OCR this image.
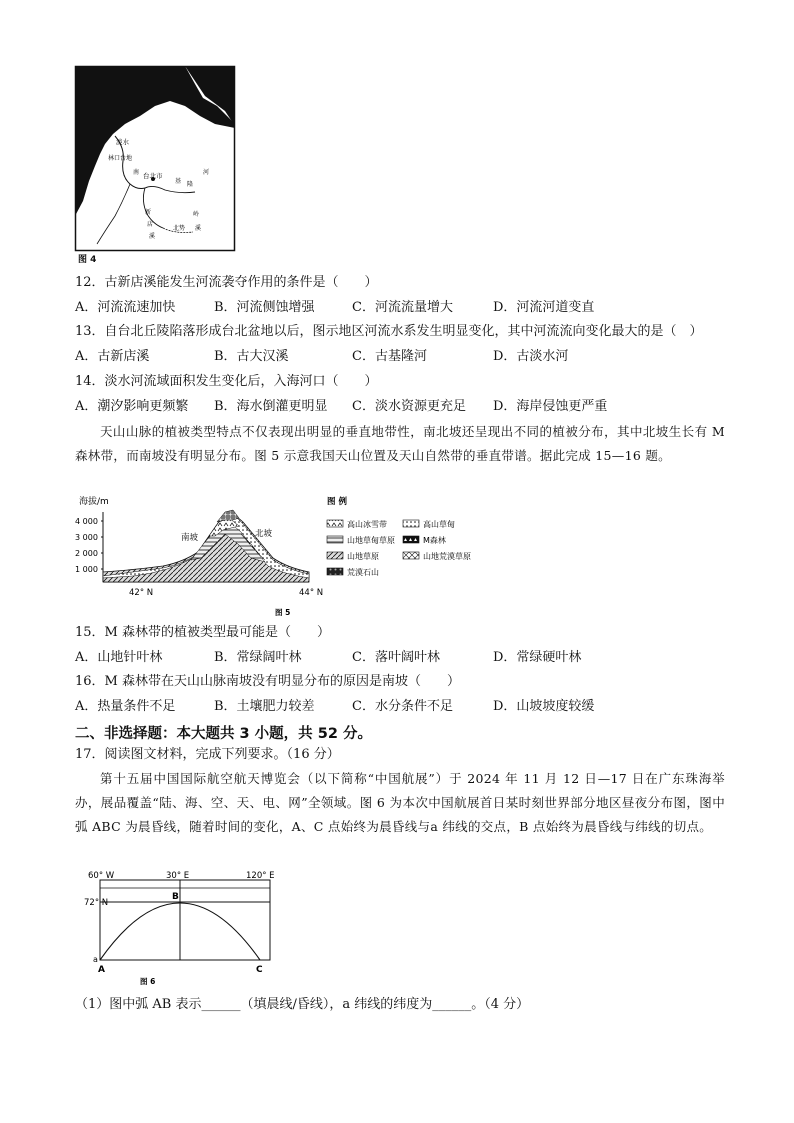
淡水
林口台地
台北市
基 隆
河
南
新
店
溪
北势 溪
岭
图 4
12．古新店溪能发生河流袭夺作用的条件是（　　）
A．河流流速加快	B．河流侧蚀增强	C．河流流量增大	D．河流河道变直
13．自台北丘陵陷落形成台北盆地以后，图示地区河流水系发生明显变化，其中河流流向变化最大的是（　）
A．古新店溪	B．古大汉溪	C．古基隆河	D．古淡水河
14．淡水河流域面积发生变化后，入海河口（　　）
A．潮汐影响更频繁 B．海水倒灌更明显 C．淡水资源更充足 D．海岸侵蚀更严重
天山山脉的植被类型特点不仅表现出明显的垂直地带性，南北坡还呈现出不同的植被分布，其中北坡生长有 M 森林带，而南坡没有明显分布。图 5 示意我国天山位置及天山自然带的垂直带谱。据此完成 15—16 题。
海拔/m
4 000
3 000
2 000
1 000
南坡	北坡
42° N	44° N
图 5
图 例
高山冰雪带	高山草甸
山地草甸草原	M森林
山地草原	山地荒漠草原
荒漠石山
15．M 森林带的植被类型最可能是（　　）
A．山地针叶林	B．常绿阔叶林	C．落叶阔叶林	D．常绿硬叶林
16．M 森林带在天山山脉南坡没有明显分布的原因是南坡（　　）
A．热量条件不足	B．土壤肥力较差	C．水分条件不足	D．山坡坡度较缓
二、非选择题：本大题共 3 小题，共 52 分。
17．阅读图文材料，完成下列要求。（16 分）
第十五届中国国际航空航天博览会（以下简称“中国航展”）于 2024 年 11 月 12 日—17 日在广东珠海举办，展品覆盖“陆、海、空、天、电、网”全领域。图 6 为本次中国航展首日某时刻世界部分地区昼夜分布图，图中弧 ABC 为晨昏线，随着时间的变化，A、C 点始终为晨昏线与a 纬线的交点，B 点始终为晨昏线与纬线的切点。
60° W	30° E	120° E
72° N
B
a
A	C
图 6
（1）图中弧 AB 表示______（填晨线/昏线），a 纬线的纬度为______。（4 分）
